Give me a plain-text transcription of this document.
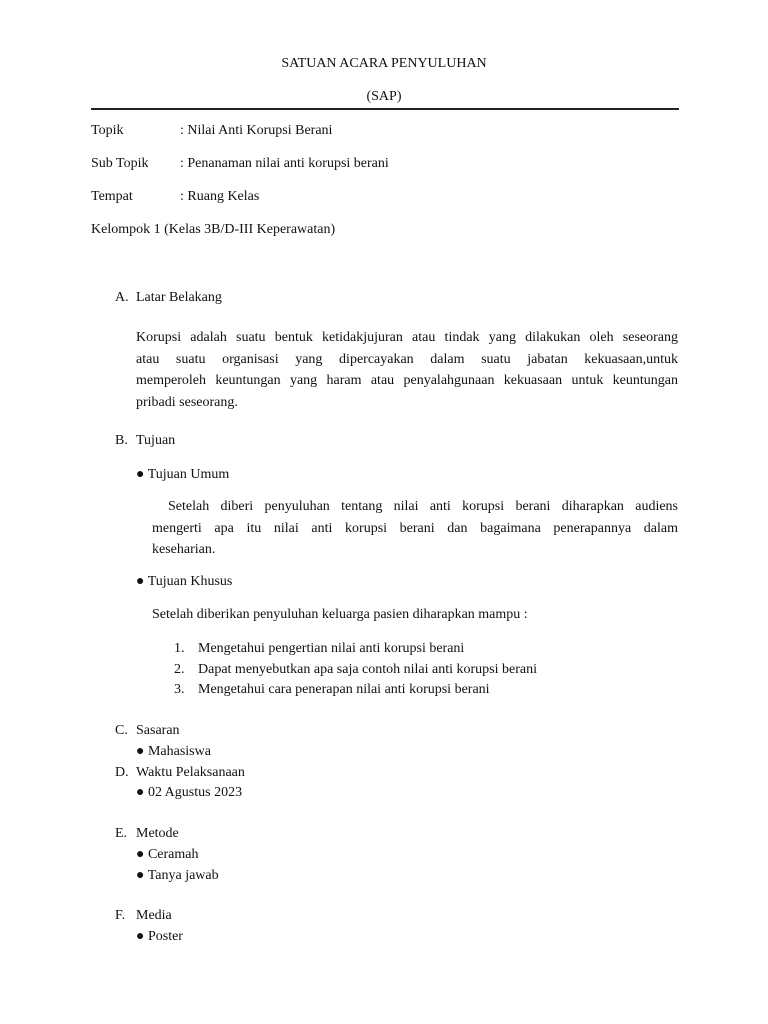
SATUAN ACARA PENYULUHAN
(SAP)
Topik	: Nilai Anti Korupsi Berani
Sub Topik : Penanaman nilai anti korupsi berani
Tempat	: Ruang Kelas
Kelompok 1 (Kelas 3B/D-III Keperawatan)
A. Latar Belakang
Korupsi adalah suatu bentuk ketidakjujuran atau tindak yang dilakukan oleh seseorang
atau suatu organisasi yang dipercayakan dalam suatu jabatan kekuasaan,untuk
memperoleh keuntungan yang haram atau penyalahgunaan kekuasaan untuk keuntungan
pribadi seseorang.
B. Tujuan
● Tujuan Umum
Setelah diberi penyuluhan tentang nilai anti korupsi berani diharapkan audiens
mengerti apa itu nilai anti korupsi berani dan bagaimana penerapannya dalam
keseharian.
● Tujuan Khusus
Setelah diberikan penyuluhan keluarga pasien diharapkan mampu :
1. Mengetahui pengertian nilai anti korupsi berani
2. Dapat menyebutkan apa saja contoh nilai anti korupsi berani
3. Mengetahui cara penerapan nilai anti korupsi berani
C. Sasaran
● Mahasiswa
D. Waktu Pelaksanaan
● 02 Agustus 2023
E. Metode
● Ceramah
● Tanya jawab
F. Media
● Poster
